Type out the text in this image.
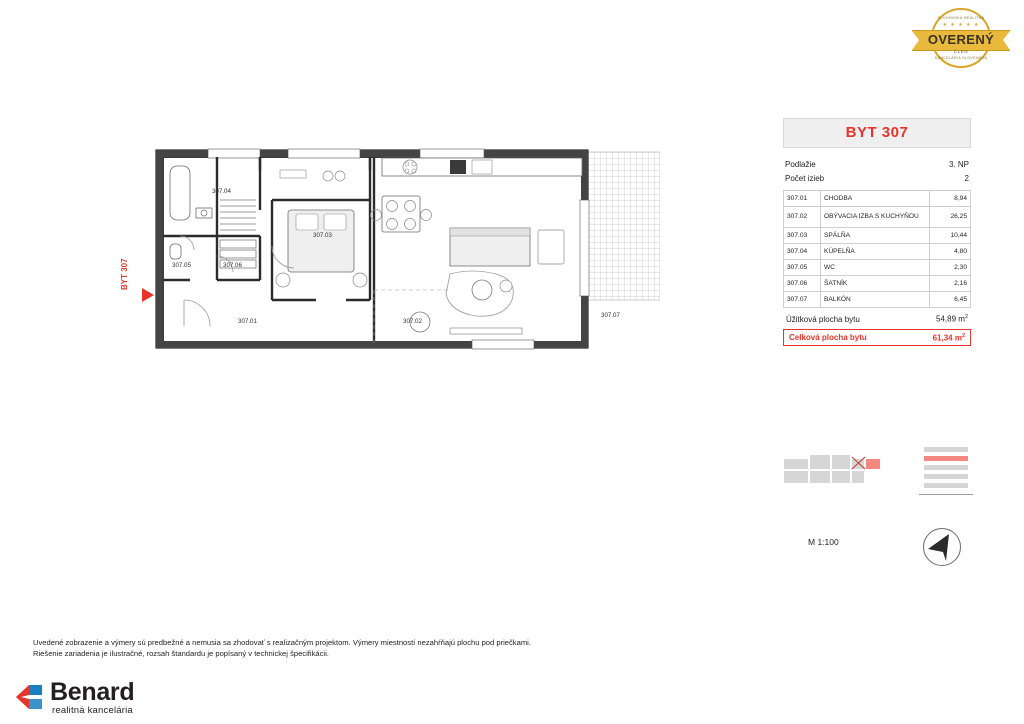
SLOVENSKÁ REALITNÁ
★ ★ ★ ★ ★
OVERENÝ
ČLEN
KANCELÁRIA SLOVENSKA
BYT 307
Podlažie	3. NP
Počet izieb	2
307.01	CHODBA	8,94
307.02	OBÝVACIA IZBA S KUCHYŇOU	26,25
307.03	SPÁLŇA	10,44
307.04	KÚPELŇA	4,80
307.05	WC	2,30
307.06	ŠATNÍK	2,16
307.07	BALKÓN	6,45
Úžitková plocha bytu	54,89 $m^2$
Celková plocha bytu	61,34 $m^2$
M 1:100
Uvedené zobrazenie a výmery sú predbežné a nemusia sa zhodovať s realizačným projektom. Výmery miestností nezahŕňajú plochu pod priečkami.
Riešenie zariadenia je ilustračné, rozsah štandardu je popísaný v technickej špecifikácii.
Benard
realitná kancelária
BYT 307
307.04
307.03
307.05	307.06
307.01	307.02
307.07
